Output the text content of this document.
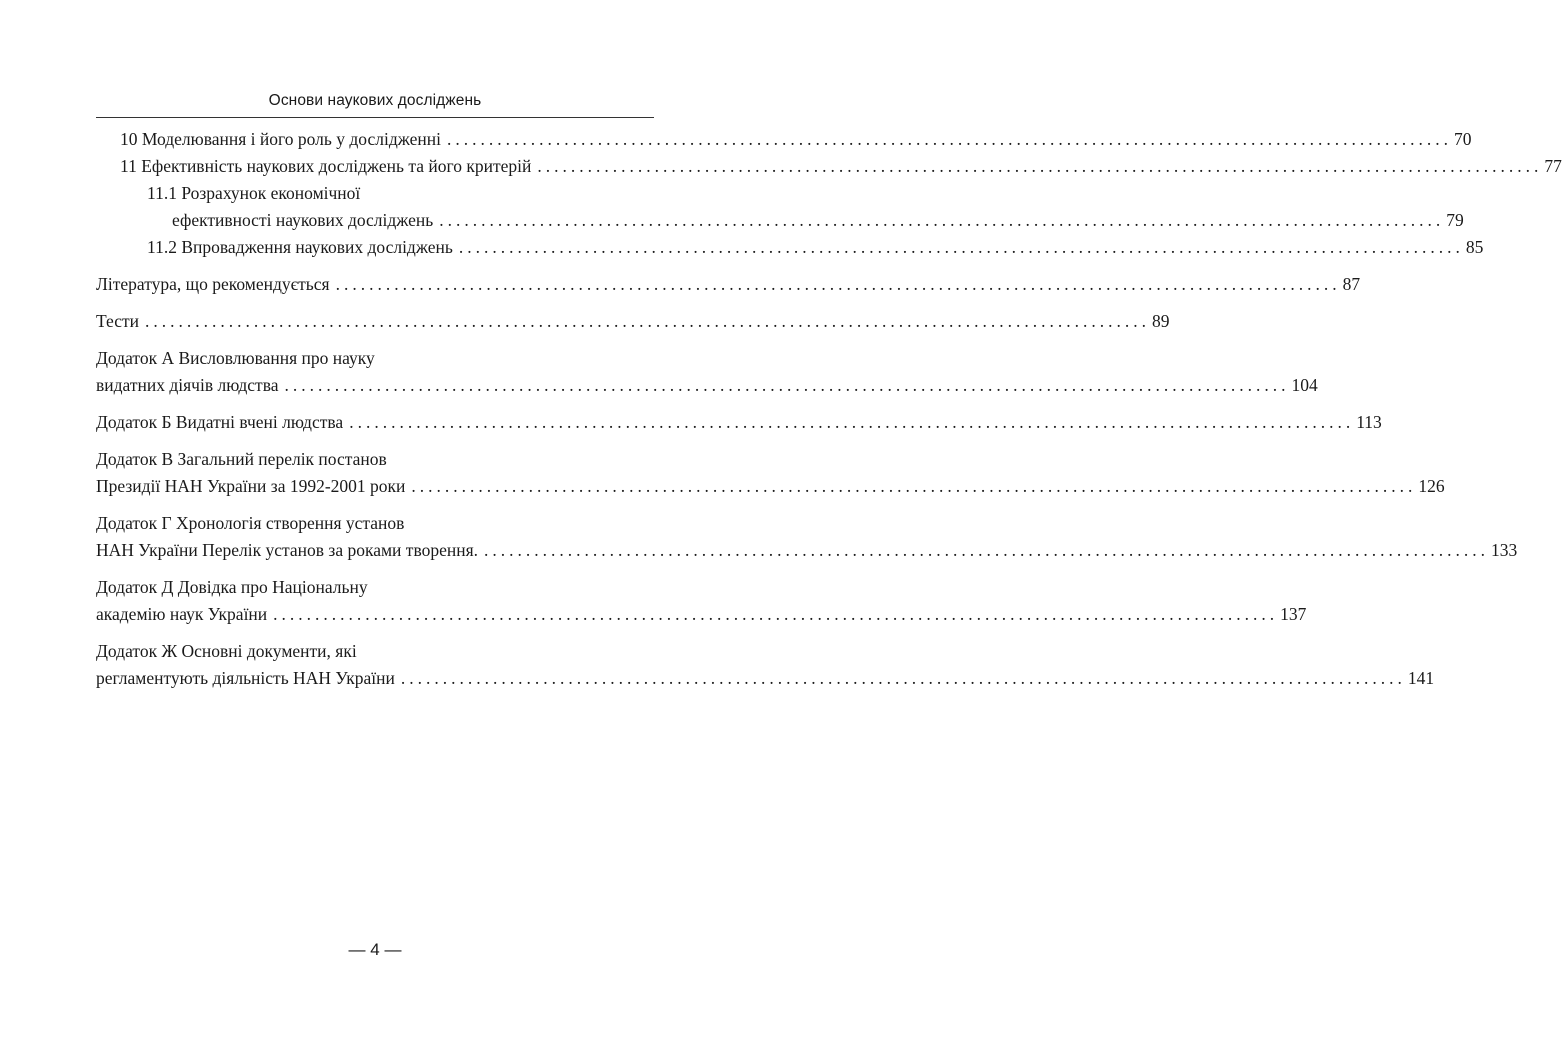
Основи наукових досліджень
10 Моделювання і його роль у дослідженні ........................................................................................................................ 70
11 Ефективність наукових досліджень та його критерій ........................................................................................................................ 77
11.1 Розрахунок економічної
ефективності наукових досліджень ........................................................................................................................ 79
11.2 Впровадження наукових досліджень ........................................................................................................................ 85
Література, що рекомендується ........................................................................................................................ 87
Тести ........................................................................................................................ 89
Додаток А Висловлювання про науку
видатних діячів людства ........................................................................................................................ 104
Додаток Б Видатні вчені людства ........................................................................................................................ 113
Додаток В Загальний перелік постанов
Президії НАН України за 1992-2001 роки ........................................................................................................................ 126
Додаток Г Хронологія створення установ
НАН України Перелік установ за роками творення. ........................................................................................................................ 133
Додаток Д Довідка про Національну
академію наук України ........................................................................................................................ 137
Додаток Ж Основні документи, які
регламентують діяльність НАН України ........................................................................................................................ 141
— 4 —
